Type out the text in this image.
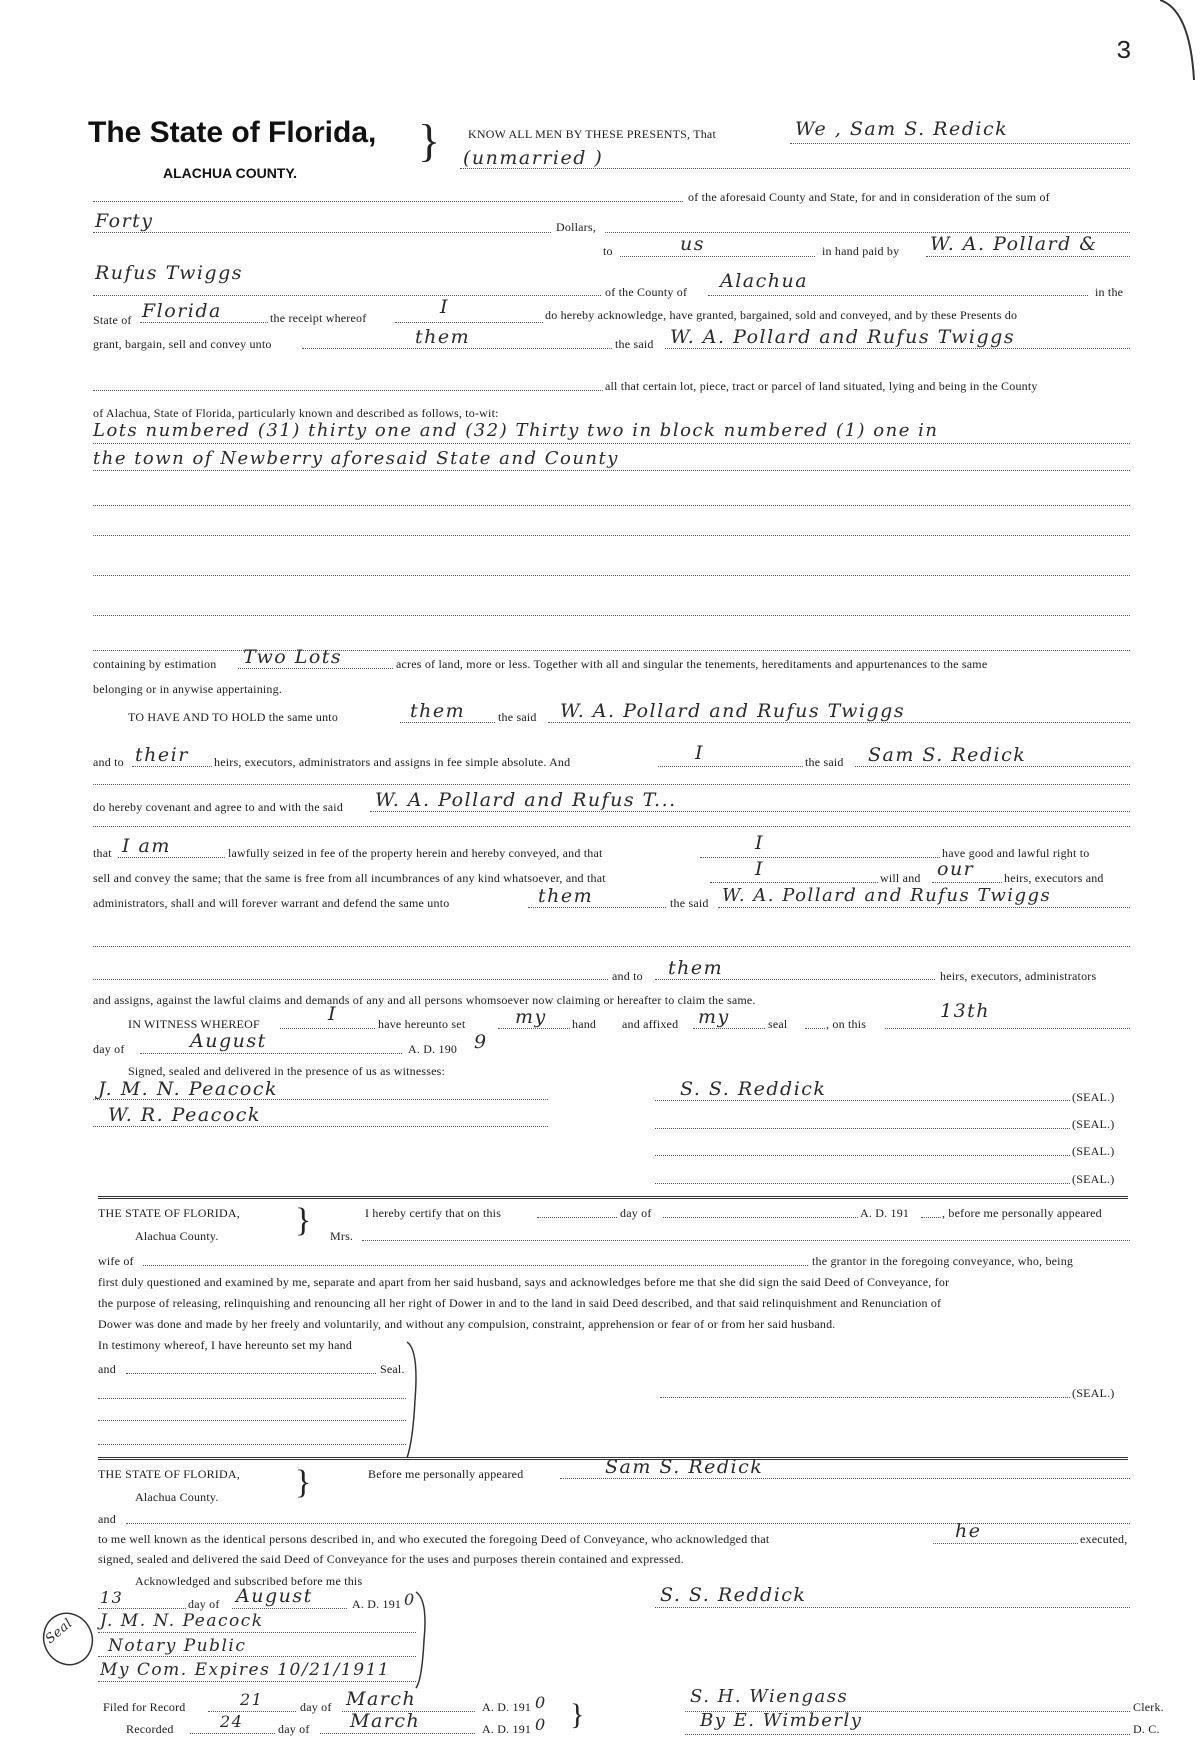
3
The State of Florida,
ALACHUA COUNTY.
} KNOW ALL MEN BY THESE PRESENTS, That	We , Sam S. Redick
(unmarried )
of the aforesaid County and State, for and in consideration of the sum of
Forty	Dollars,
to	us	in hand paid by W. A. Pollard &
Rufus Twiggs
of the County of Alachua	in the
State of Florida	the receipt whereof	I	do hereby acknowledge, have granted, bargained, sold and conveyed, and by these Presents do
grant, bargain, sell and convey unto	them	the said W. A. Pollard and Rufus Twiggs
all that certain lot, piece, tract or parcel of land situated, lying and being in the County
of Alachua, State of Florida, particularly known and described as follows, to-wit:
Lots numbered (31) thirty one and (32) Thirty two in block numbered (1) one in
the town of Newberry aforesaid State and County
containing by estimation Two Lots	acres of land, more or less. Together with all and singular the tenements, hereditaments and appurtenances to the same
belonging or in anywise appertaining.
TO HAVE AND TO HOLD the same unto	them	the said W. A. Pollard and Rufus Twiggs
and to their heirs, executors, administrators and assigns in fee simple absolute. And	I	the said Sam S. Redick
do hereby covenant and agree to and with the said W. A. Pollard and Rufus T...
that I am	lawfully seized in fee of the property herein and hereby conveyed, and that	I	have good and lawful right to
sell and convey the same; that the same is free from all incumbrances of any kind whatsoever, and that	I	will and our heirs, executors and
administrators, shall and will forever warrant and defend the same unto	them	the said W. A. Pollard and Rufus Twiggs
and to them	heirs, executors, administrators
and assigns, against the lawful claims and demands of any and all persons whomsoever now claiming or hereafter to claim the same.
IN WITNESS WHEREOF	I	have hereunto set	my hand and affixed my	seal	, on this
13th
day of	August	A. D. 190 9
Signed, sealed and delivered in the presence of us as witnesses:
J. M. N. Peacock
W. R. Peacock
S. S. Reddick	(SEAL.)
(SEAL.)
(SEAL.)
(SEAL.)
THE STATE OF FLORIDA,
Alachua County. }	I hereby certify that on this	day of	A. D. 191	, before me personally appeared
Mrs.
wife of	the grantor in the foregoing conveyance, who, being
first duly questioned and examined by me, separate and apart from her said husband, says and acknowledges before me that she did sign the said Deed of Conveyance, for
the purpose of releasing, relinquishing and renouncing all her right of Dower in and to the land in said Deed described, and that said relinquishment and Renunciation of
Dower was done and made by her freely and voluntarily, and without any compulsion, constraint, apprehension or fear of or from her said husband.
In testimony whereof, I have hereunto set my hand
and	Seal.
(SEAL.)
THE STATE OF FLORIDA,
Alachua County. }	Before me personally appeared	Sam S. Redick
and
to me well known as the identical persons described in, and who executed the foregoing Deed of Conveyance, who acknowledged that	he	executed,
signed, sealed and delivered the said Deed of Conveyance for the uses and purposes therein contained and expressed.
Acknowledged and subscribed before me this
13	day of August	A. D. 191 0
Seal J. M. N. Peacock
Notary Public
My Com. Expires 10/21/1911
S. S. Reddick
Filed for Record	21	day of March	A. D. 191 0
Recorded	24	day of March	A. D. 191 0 }
S. H. Wiengass	Clerk.
By E. Wimberly	D. C.
